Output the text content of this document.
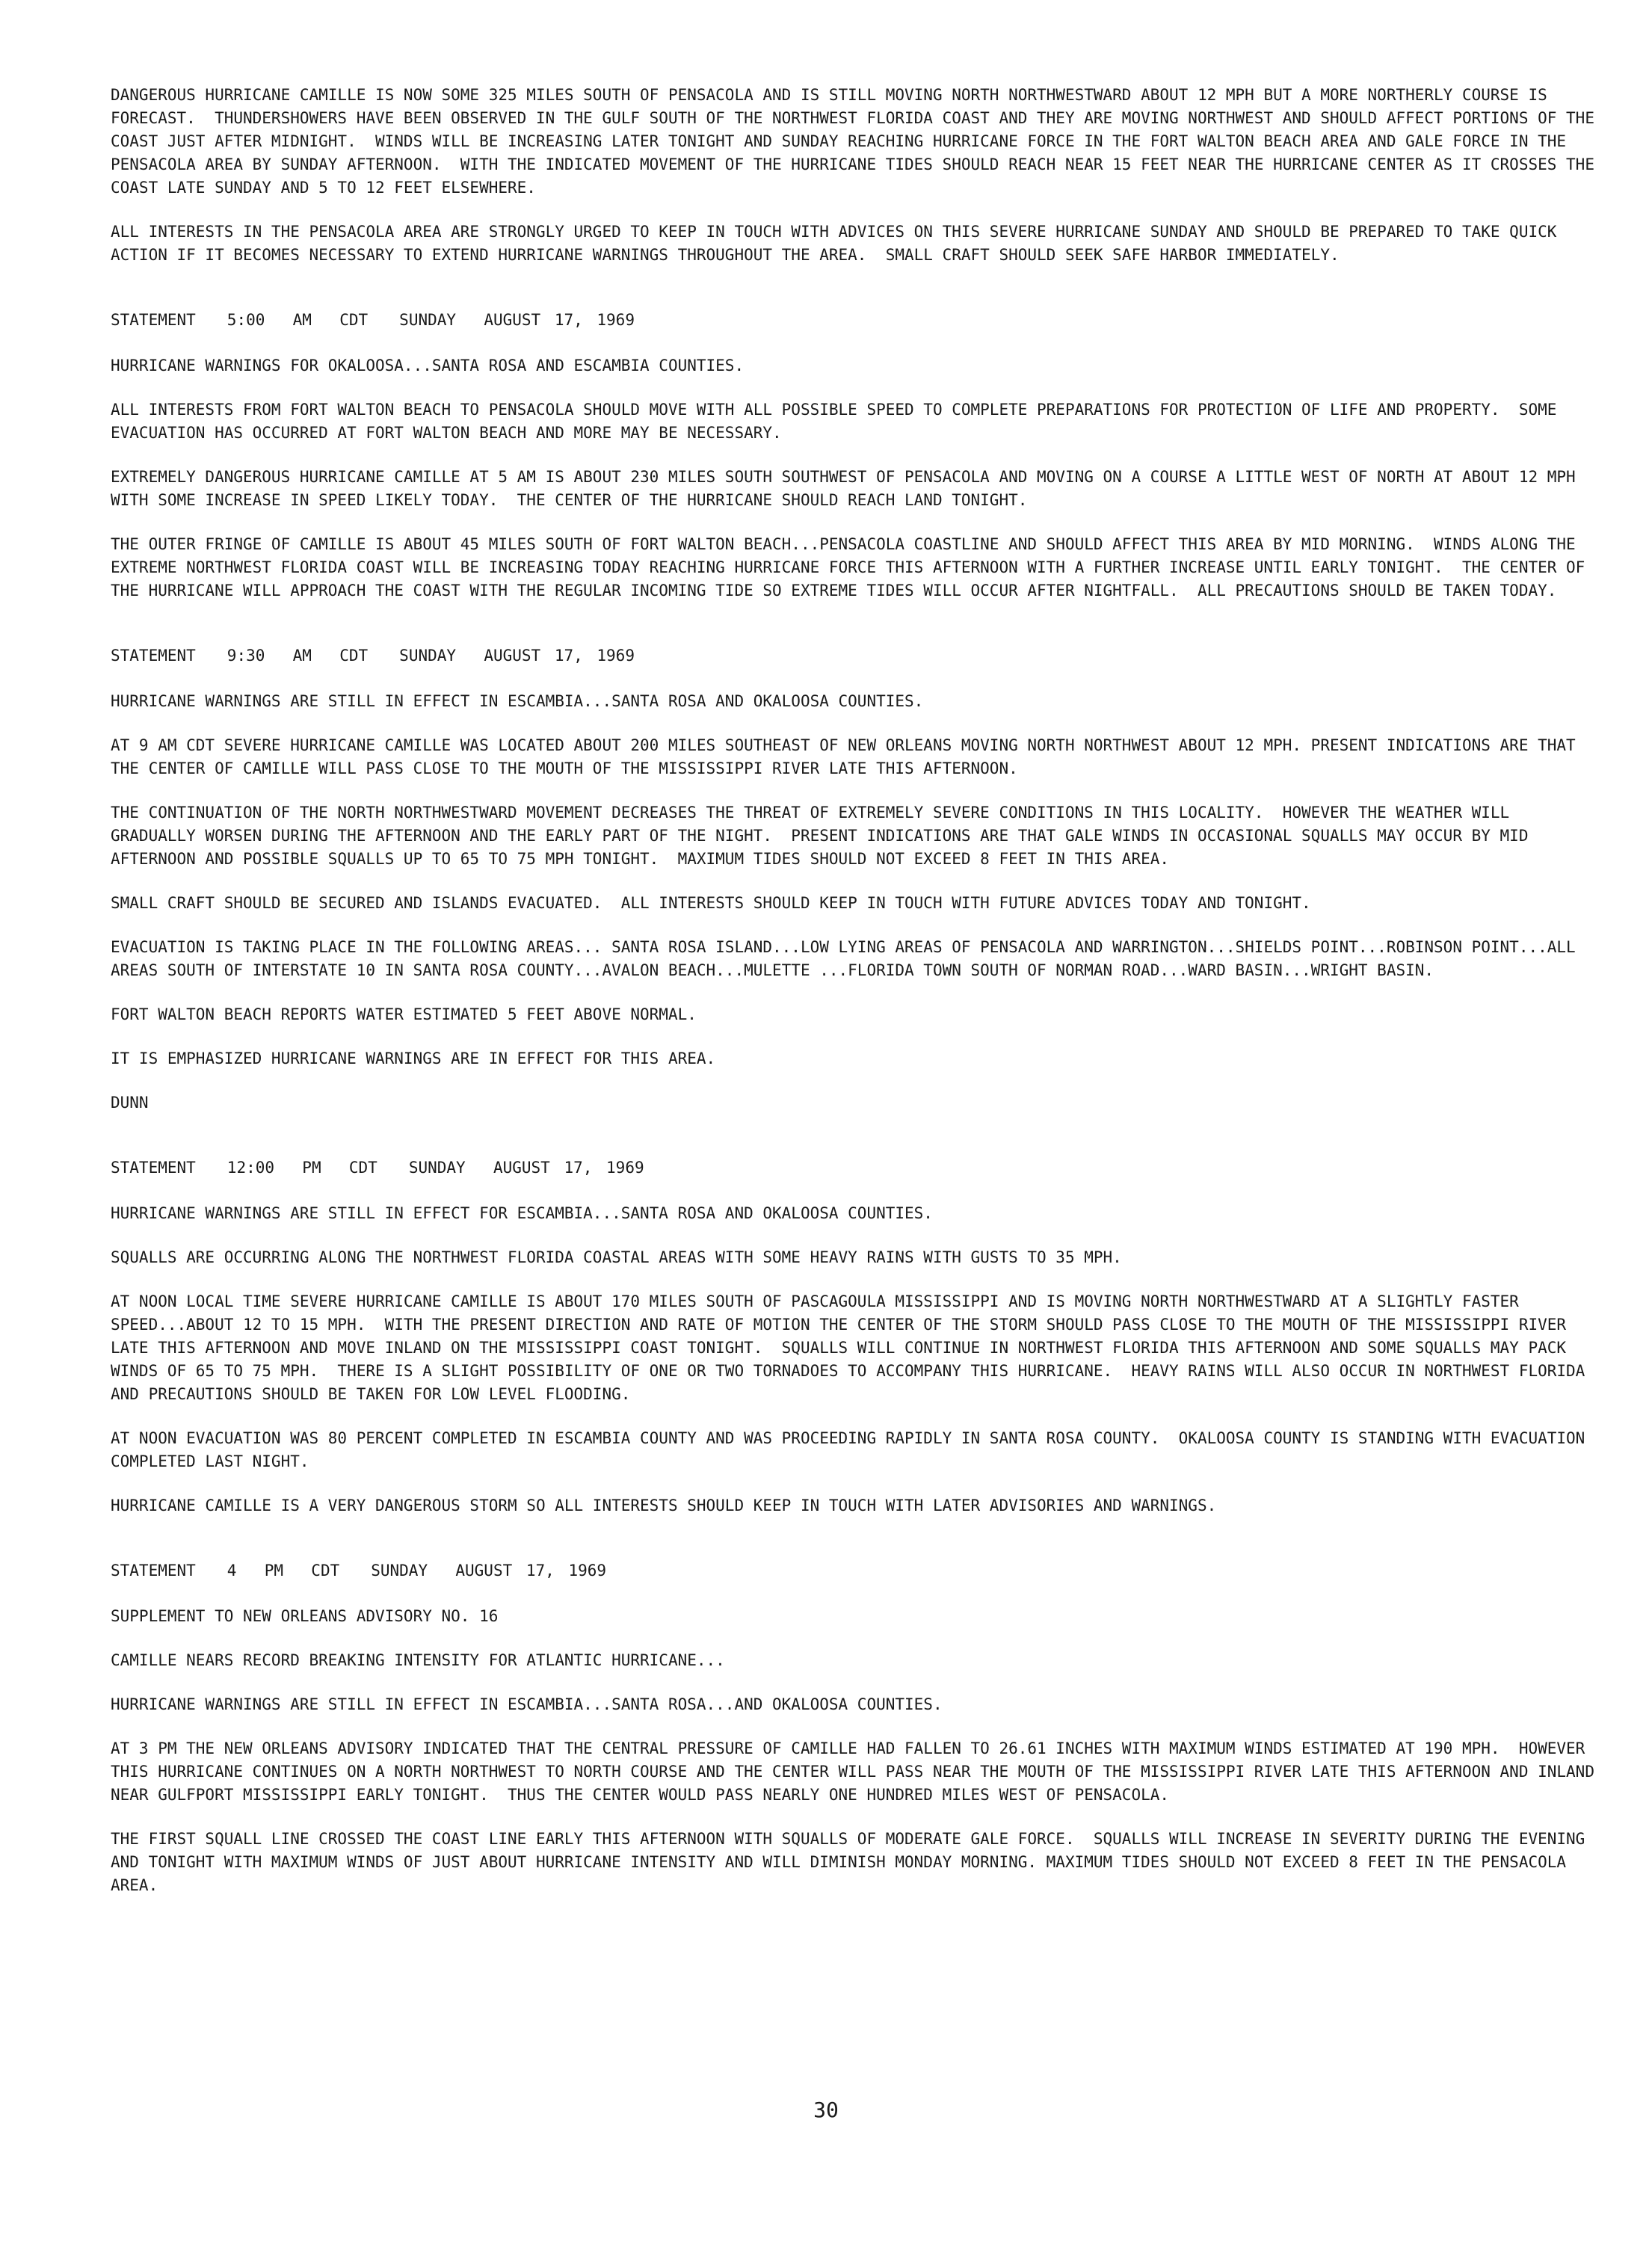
DANGEROUS HURRICANE CAMILLE IS NOW SOME 325 MILES SOUTH OF PENSACOLA AND IS STILL MOVING NORTH NORTHWESTWARD ABOUT 12 MPH BUT A MORE NORTHERLY COURSE IS FORECAST.  THUNDERSHOWERS HAVE BEEN OBSERVED IN THE GULF SOUTH OF THE NORTHWEST FLORIDA COAST AND THEY ARE MOVING NORTHWEST AND SHOULD AFFECT PORTIONS OF THE COAST JUST AFTER MIDNIGHT.  WINDS WILL BE INCREASING LATER TONIGHT AND SUNDAY REACHING HURRICANE FORCE IN THE FORT WALTON BEACH AREA AND GALE FORCE IN THE PENSACOLA AREA BY SUNDAY AFTERNOON.  WITH THE INDICATED MOVEMENT OF THE HURRICANE TIDES SHOULD REACH NEAR 15 FEET NEAR THE HURRICANE CENTER AS IT CROSSES THE COAST LATE SUNDAY AND 5 TO 12 FEET ELSEWHERE.

ALL INTERESTS IN THE PENSACOLA AREA ARE STRONGLY URGED TO KEEP IN TOUCH WITH ADVICES ON THIS SEVERE HURRICANE SUNDAY AND SHOULD BE PREPARED TO TAKE QUICK ACTION IF IT BECOMES NECESSARY TO EXTEND HURRICANE WARNINGS THROUGHOUT THE AREA.  SMALL CRAFT SHOULD SEEK SAFE HARBOR IMMEDIATELY.

STATEMENT 5:00  AM  CDT SUNDAY  AUGUST 17, 1969

HURRICANE WARNINGS FOR OKALOOSA...SANTA ROSA AND ESCAMBIA COUNTIES.

ALL INTERESTS FROM FORT WALTON BEACH TO PENSACOLA SHOULD MOVE WITH ALL POSSIBLE SPEED TO COMPLETE PREPARATIONS FOR PROTECTION OF LIFE AND PROPERTY.  SOME EVACUATION HAS OCCURRED AT FORT WALTON BEACH AND MORE MAY BE NECESSARY.

EXTREMELY DANGEROUS HURRICANE CAMILLE AT 5 AM IS ABOUT 230 MILES SOUTH SOUTHWEST OF PENSACOLA AND MOVING ON A COURSE A LITTLE WEST OF NORTH AT ABOUT 12 MPH WITH SOME INCREASE IN SPEED LIKELY TODAY.  THE CENTER OF THE HURRICANE SHOULD REACH LAND TONIGHT.

THE OUTER FRINGE OF CAMILLE IS ABOUT 45 MILES SOUTH OF FORT WALTON BEACH...PENSACOLA COASTLINE AND SHOULD AFFECT THIS AREA BY MID MORNING.  WINDS ALONG THE EXTREME NORTHWEST FLORIDA COAST WILL BE INCREASING TODAY REACHING HURRICANE FORCE THIS AFTERNOON WITH A FURTHER INCREASE UNTIL EARLY TONIGHT.  THE CENTER OF THE HURRICANE WILL APPROACH THE COAST WITH THE REGULAR INCOMING TIDE SO EXTREME TIDES WILL OCCUR AFTER NIGHTFALL.  ALL PRECAUTIONS SHOULD BE TAKEN TODAY.

STATEMENT 9:30  AM  CDT SUNDAY  AUGUST 17, 1969

HURRICANE WARNINGS ARE STILL IN EFFECT IN ESCAMBIA...SANTA ROSA AND OKALOOSA COUNTIES.

AT 9 AM CDT SEVERE HURRICANE CAMILLE WAS LOCATED ABOUT 200 MILES SOUTHEAST OF NEW ORLEANS MOVING NORTH NORTHWEST ABOUT 12 MPH. PRESENT INDICATIONS ARE THAT THE CENTER OF CAMILLE WILL PASS CLOSE TO THE MOUTH OF THE MISSISSIPPI RIVER LATE THIS AFTERNOON.

THE CONTINUATION OF THE NORTH NORTHWESTWARD MOVEMENT DECREASES THE THREAT OF EXTREMELY SEVERE CONDITIONS IN THIS LOCALITY.  HOWEVER THE WEATHER WILL GRADUALLY WORSEN DURING THE AFTERNOON AND THE EARLY PART OF THE NIGHT.  PRESENT INDICATIONS ARE THAT GALE WINDS IN OCCASIONAL SQUALLS MAY OCCUR BY MID AFTERNOON AND POSSIBLE SQUALLS UP TO 65 TO 75 MPH TONIGHT.  MAXIMUM TIDES SHOULD NOT EXCEED 8 FEET IN THIS AREA.

SMALL CRAFT SHOULD BE SECURED AND ISLANDS EVACUATED.  ALL INTERESTS SHOULD KEEP IN TOUCH WITH FUTURE ADVICES TODAY AND TONIGHT.

EVACUATION IS TAKING PLACE IN THE FOLLOWING AREAS... SANTA ROSA ISLAND...LOW LYING AREAS OF PENSACOLA AND WARRINGTON...SHIELDS POINT...ROBINSON POINT...ALL AREAS SOUTH OF INTERSTATE 10 IN SANTA ROSA COUNTY...AVALON BEACH...MULETTE ...FLORIDA TOWN SOUTH OF NORMAN ROAD...WARD BASIN...WRIGHT BASIN.

FORT WALTON BEACH REPORTS WATER ESTIMATED 5 FEET ABOVE NORMAL.

IT IS EMPHASIZED HURRICANE WARNINGS ARE IN EFFECT FOR THIS AREA.

DUNN

STATEMENT 12:00  PM  CDT SUNDAY  AUGUST 17, 1969

HURRICANE WARNINGS ARE STILL IN EFFECT FOR ESCAMBIA...SANTA ROSA AND OKALOOSA COUNTIES.

SQUALLS ARE OCCURRING ALONG THE NORTHWEST FLORIDA COASTAL AREAS WITH SOME HEAVY RAINS WITH GUSTS TO 35 MPH.

AT NOON LOCAL TIME SEVERE HURRICANE CAMILLE IS ABOUT 170 MILES SOUTH OF PASCAGOULA MISSISSIPPI AND IS MOVING NORTH NORTHWESTWARD AT A SLIGHTLY FASTER SPEED...ABOUT 12 TO 15 MPH.  WITH THE PRESENT DIRECTION AND RATE OF MOTION THE CENTER OF THE STORM SHOULD PASS CLOSE TO THE MOUTH OF THE MISSISSIPPI RIVER LATE THIS AFTERNOON AND MOVE INLAND ON THE MISSISSIPPI COAST TONIGHT.  SQUALLS WILL CONTINUE IN NORTHWEST FLORIDA THIS AFTERNOON AND SOME SQUALLS MAY PACK WINDS OF 65 TO 75 MPH.  THERE IS A SLIGHT POSSIBILITY OF ONE OR TWO TORNADOES TO ACCOMPANY THIS HURRICANE.  HEAVY RAINS WILL ALSO OCCUR IN NORTHWEST FLORIDA AND PRECAUTIONS SHOULD BE TAKEN FOR LOW LEVEL FLOODING.

AT NOON EVACUATION WAS 80 PERCENT COMPLETED IN ESCAMBIA COUNTY AND WAS PROCEEDING RAPIDLY IN SANTA ROSA COUNTY.  OKALOOSA COUNTY IS STANDING WITH EVACUATION COMPLETED LAST NIGHT.

HURRICANE CAMILLE IS A VERY DANGEROUS STORM SO ALL INTERESTS SHOULD KEEP IN TOUCH WITH LATER ADVISORIES AND WARNINGS.

STATEMENT 4  PM  CDT SUNDAY  AUGUST 17, 1969

SUPPLEMENT TO NEW ORLEANS ADVISORY NO. 16

CAMILLE NEARS RECORD BREAKING INTENSITY FOR ATLANTIC HURRICANE...

HURRICANE WARNINGS ARE STILL IN EFFECT IN ESCAMBIA...SANTA ROSA...AND OKALOOSA COUNTIES.

AT 3 PM THE NEW ORLEANS ADVISORY INDICATED THAT THE CENTRAL PRESSURE OF CAMILLE HAD FALLEN TO 26.61 INCHES WITH MAXIMUM WINDS ESTIMATED AT 190 MPH.  HOWEVER THIS HURRICANE CONTINUES ON A NORTH NORTHWEST TO NORTH COURSE AND THE CENTER WILL PASS NEAR THE MOUTH OF THE MISSISSIPPI RIVER LATE THIS AFTERNOON AND INLAND NEAR GULFPORT MISSISSIPPI EARLY TONIGHT.  THUS THE CENTER WOULD PASS NEARLY ONE HUNDRED MILES WEST OF PENSACOLA.

THE FIRST SQUALL LINE CROSSED THE COAST LINE EARLY THIS AFTERNOON WITH SQUALLS OF MODERATE GALE FORCE.  SQUALLS WILL INCREASE IN SEVERITY DURING THE EVENING AND TONIGHT WITH MAXIMUM WINDS OF JUST ABOUT HURRICANE INTENSITY AND WILL DIMINISH MONDAY MORNING. MAXIMUM TIDES SHOULD NOT EXCEED 8 FEET IN THE PENSACOLA AREA.

30
